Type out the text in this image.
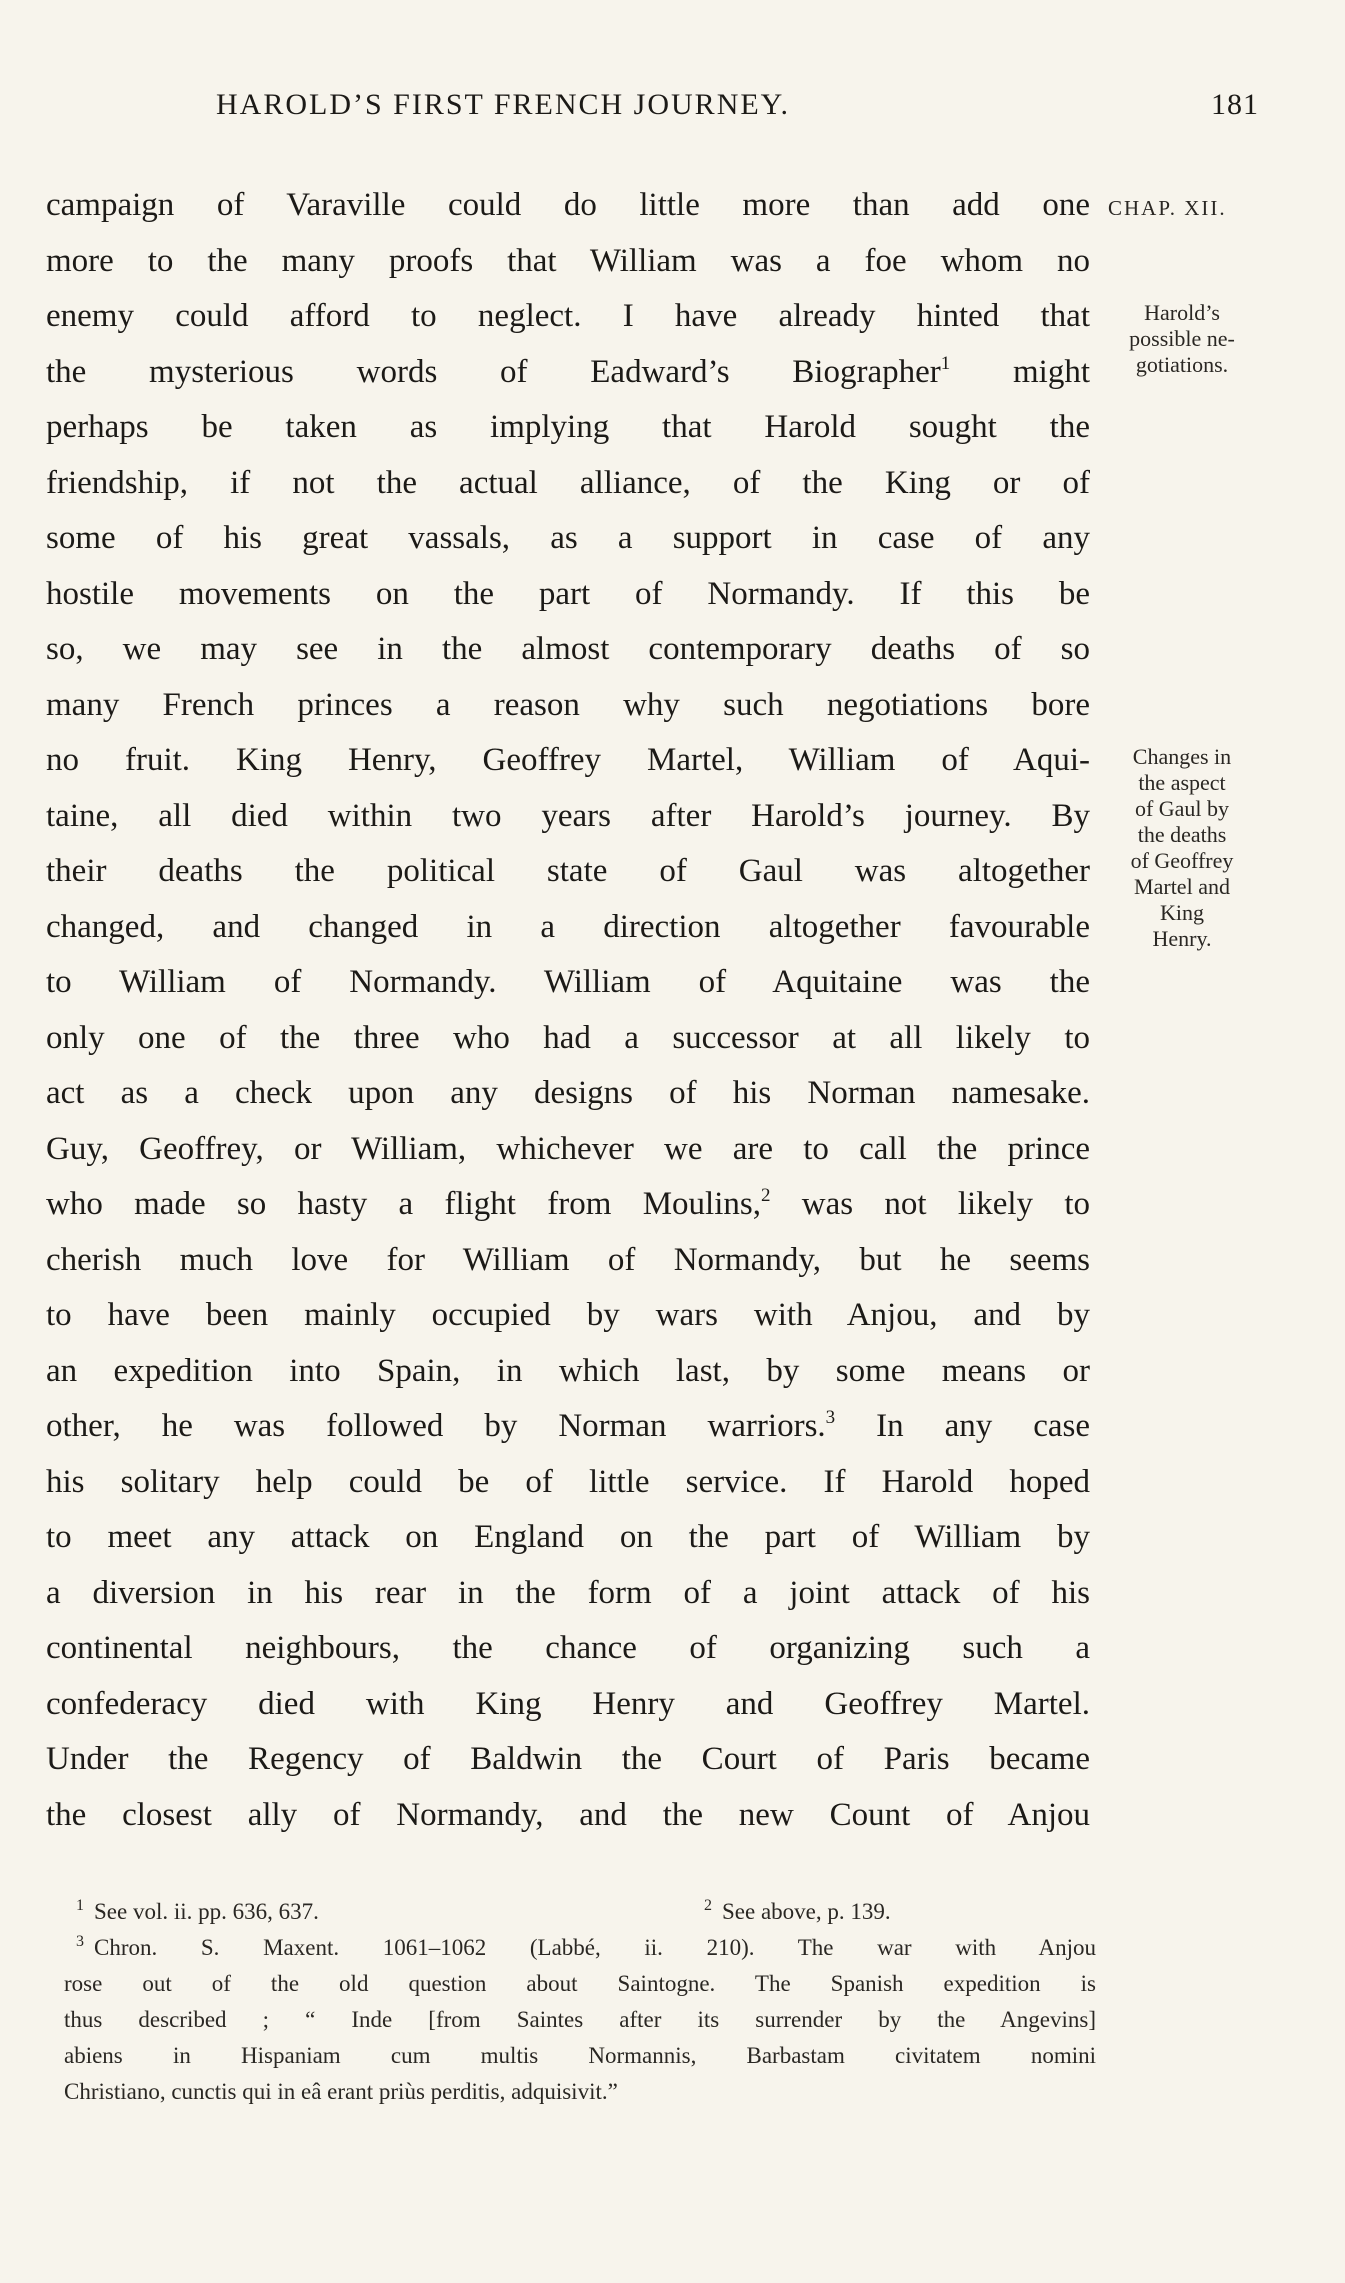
HAROLD’S FIRST FRENCH JOURNEY.	181
CHAP. XII.
Harold’s
possible ne-
gotiations.
Changes in
the aspect
of Gaul by
the deaths
of Geoffrey
Martel and
King
Henry.
campaign of Varaville could do little more than add one
more to the many proofs that William was a foe whom no
enemy could afford to neglect. I have already hinted that
the mysterious words of Eadward’s Biographer$^1$ might
perhaps be taken as implying that Harold sought the
friendship, if not the actual alliance, of the King or of
some of his great vassals, as a support in case of any
hostile movements on the part of Normandy. If this be
so, we may see in the almost contemporary deaths of so
many French princes a reason why such negotiations bore
no fruit. King Henry, Geoffrey Martel, William of Aqui-
taine, all died within two years after Harold’s journey. By
their deaths the political state of Gaul was altogether
changed, and changed in a direction altogether favourable
to William of Normandy. William of Aquitaine was the
only one of the three who had a successor at all likely to
act as a check upon any designs of his Norman namesake.
Guy, Geoffrey, or William, whichever we are to call the prince
who made so hasty a flight from Moulins,$^2$ was not likely to
cherish much love for William of Normandy, but he seems
to have been mainly occupied by wars with Anjou, and by
an expedition into Spain, in which last, by some means or
other, he was followed by Norman warriors.$^3$ In any case
his solitary help could be of little service. If Harold hoped
to meet any attack on England on the part of William by
a diversion in his rear in the form of a joint attack of his
continental neighbours, the chance of organizing such a
confederacy died with King Henry and Geoffrey Martel.
Under the Regency of Baldwin the Court of Paris became
the closest ally of Normandy, and the new Count of Anjou
$^1$ See vol. ii. pp. 636, 637.	$^2$ See above, p. 139.
$^3$ Chron. S. Maxent. 1061–1062 (Labbé, ii. 210). The war with Anjou
rose out of the old question about Saintogne. The Spanish expedition is
thus described ; “ Inde [from Saintes after its surrender by the Angevins]
abiens in Hispaniam cum multis Normannis, Barbastam civitatem nomini
Christiano, cunctis qui in eâ erant priùs perditis, adquisivit.”
